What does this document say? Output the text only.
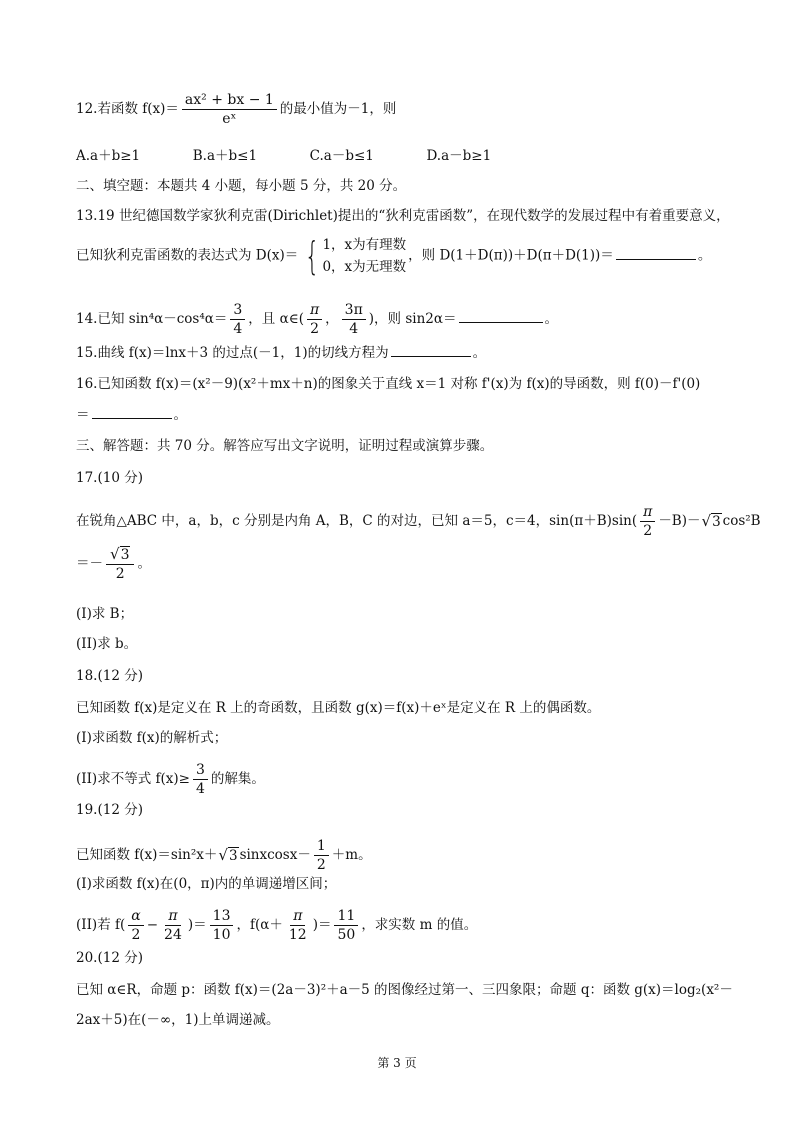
12.若函数 $f(x)= \frac{\text{ax² + bx − 1}}{\text{eˣ}}$ 的最小值为－1，则
A.a＋b≥1	B.a＋b≤1	C.a－b≤1	D.a－b≥1
二、填空题：本题共 4 小题，每小题 5 分，共 20 分。
13.19 世纪德国数学家狄利克雷(Dirichlet)提出的“狄利克雷函数”，在现代数学的发展过程中有着重要意义，
已知狄利克雷函数的表达式为 D(x)＝ { 1，x为有理数
0，x为无理数
，则 D(1＋D(π))＋D(π＋D(1))＝	。
14.已知 $\sin^4\alpha-\cos^4\alpha= \frac{3}{4}$ ，且 α∈( $\frac{\pi}{2}$ ， $\frac{3\pi}{4}$ )，则 sin2α＝	。
15.曲线 f(x)＝lnx＋3 的过点(－1，1)的切线方程为	。
16.已知函数 f(x)＝(x²－9)(x²＋mx＋n)的图象关于直线 x＝1 对称 f'(x)为 f(x)的导函数，则 f(0)－f'(0)
＝	。
三、解答题：共 70 分。解答应写出文字说明，证明过程或演算步骤。
17.(10 分)
在锐角△ABC 中，a，b，c 分别是内角 A，B，C 的对边，已知 a＝5，c＝4，$\sin(\pi+B)\sin( \frac{\pi}{2} -B)-√3$ cos²B
＝－ $\frac{√3}{2}$ 。
(I)求 B；
(II)求 b。
18.(12 分)
已知函数 f(x)是定义在 R 上的奇函数，且函数 g(x)＝f(x)＋eˣ是定义在 R 上的偶函数。
(I)求函数 f(x)的解析式；
(II)求不等式 $f(x)\ge \frac{3}{4}$ 的解集。
19.(12 分)
已知函数 f(x)＝sin²x＋√3 sinxcosx－ $\frac{1}{2} +m$。
(I)求函数 f(x)在(0，π)内的单调递增区间；
(II)若 $f( \frac{\alpha}{2} - \frac{\pi}{24}$ )＝ $\frac{13}{10}$ ，$f(\alpha+ \frac{\pi}{12}$ )＝ $\frac{11}{50}$ ，求实数 m 的值。
20.(12 分)
已知 α∈R，命题 p：函数 f(x)＝(2a－3)²＋a－5 的图像经过第一、三四象限；命题 q：函数 g(x)＝log₂(x²－
2ax＋5)在(－∞，1)上单调递减。
第 3 页
